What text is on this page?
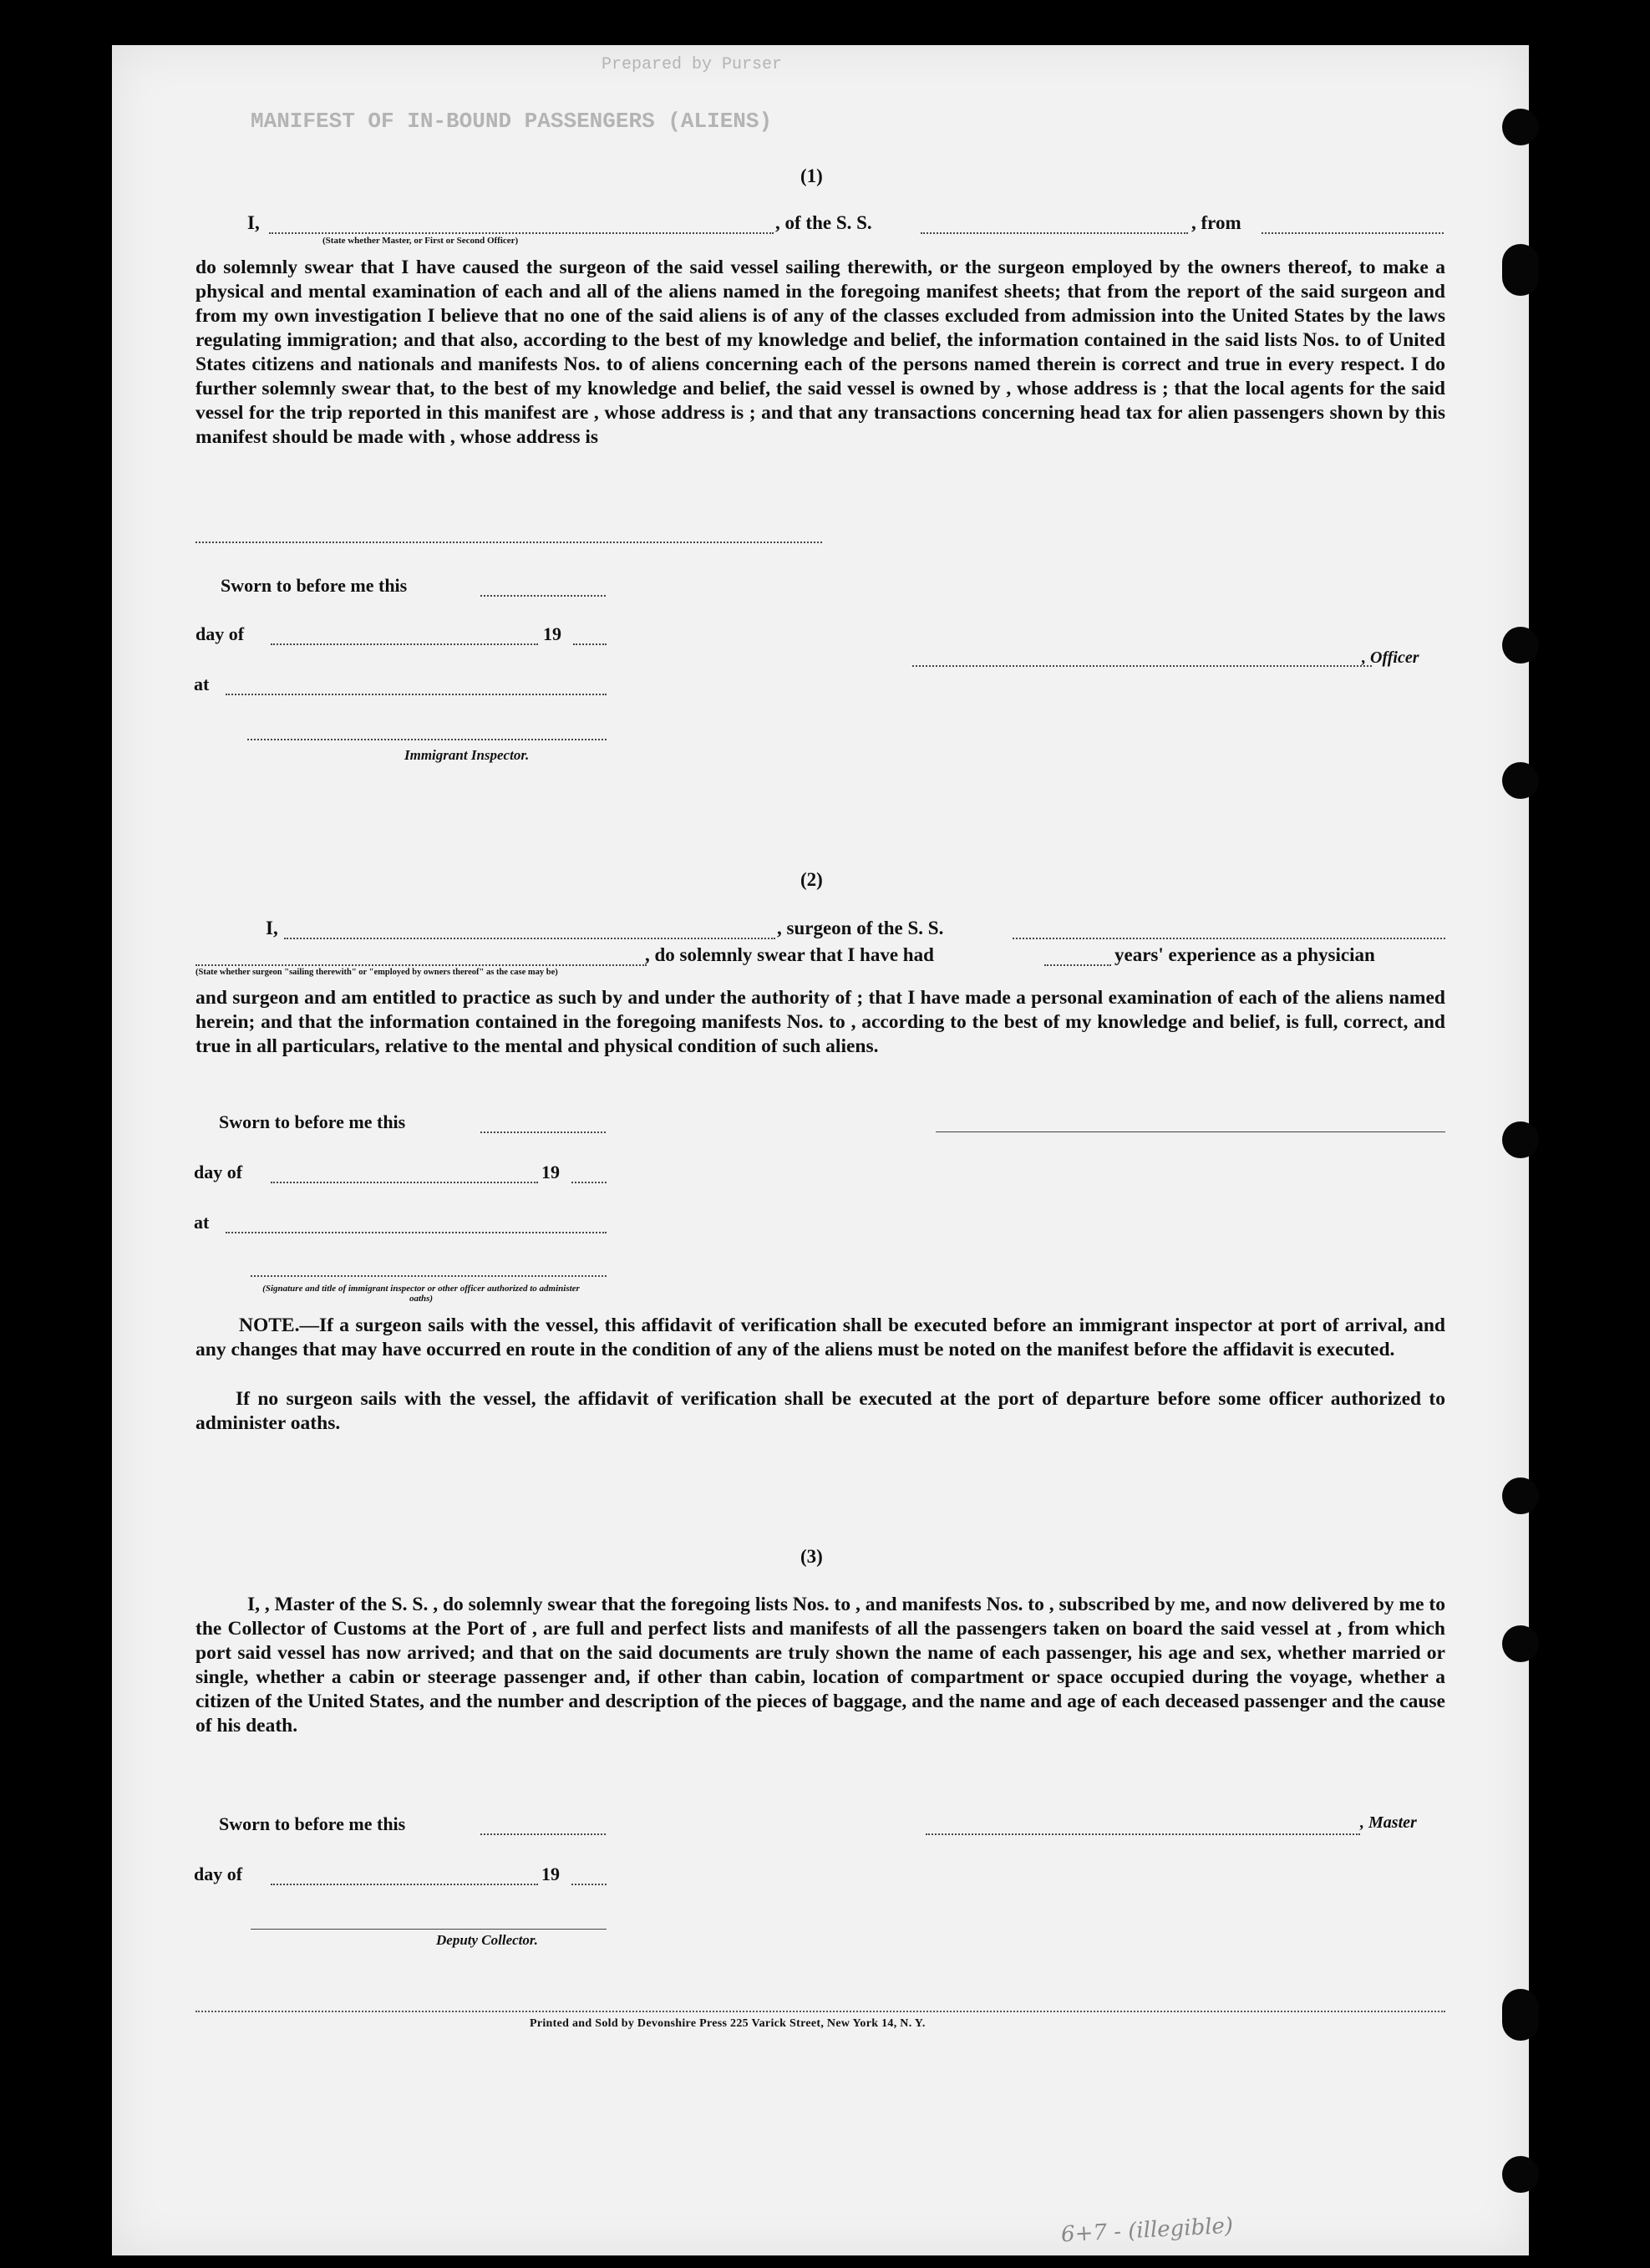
Prepared by Purser
MANIFEST OF IN-BOUND PASSENGERS (ALIENS)
(1)
I,	, of the S. S.	, from
(State whether Master, or First or Second Officer)
do solemnly swear that I have caused the surgeon of the said vessel sailing therewith, or the surgeon employed by the owners thereof, to make a physical and mental examination of each and all of the aliens named in the foregoing manifest sheets; that from the report of the said surgeon and from my own investigation I believe that no one of the said aliens is of any of the classes excluded from admission into the United States by the laws regulating immigration; and that also, according to the best of my knowledge and belief, the information contained in the said lists Nos. to of United States citizens and nationals and manifests Nos. to of aliens concerning each of the persons named therein is correct and true in every respect. I do further solemnly swear that, to the best of my knowledge and belief, the said vessel is owned by , whose address is ; that the local agents for the said vessel for the trip reported in this manifest are , whose address is ; and that any transactions concerning head tax for alien passengers shown by this manifest should be made with , whose address is
Sworn to before me this
day of	19
, Officer
at
Immigrant Inspector.
(2)
I,	, surgeon of the S. S.
, do solemnly swear that I have had	years' experience as a physician
(State whether surgeon "sailing therewith" or "employed by owners thereof" as the case may be)
and surgeon and am entitled to practice as such by and under the authority of ; that I have made a personal examination of each of the aliens named herein; and that the information contained in the foregoing manifests Nos. to , according to the best of my knowledge and belief, is full, correct, and true in all particulars, relative to the mental and physical condition of such aliens.
Sworn to before me this
day of	19
at
(Signature and title of immigrant inspector or other officer authorized to administer oaths)
NOTE.—If a surgeon sails with the vessel, this affidavit of verification shall be executed before an immigrant inspector at port of arrival, and any changes that may have occurred en route in the condition of any of the aliens must be noted on the manifest before the affidavit is executed.
If no surgeon sails with the vessel, the affidavit of verification shall be executed at the port of departure before some officer authorized to administer oaths.
(3)
I, , Master of the S. S. , do solemnly swear that the foregoing lists Nos. to , and manifests Nos. to , subscribed by me, and now delivered by me to the Collector of Customs at the Port of , are full and perfect lists and manifests of all the passengers taken on board the said vessel at , from which port said vessel has now arrived; and that on the said documents are truly shown the name of each passenger, his age and sex, whether married or single, whether a cabin or steerage passenger and, if other than cabin, location of compartment or space occupied during the voyage, whether a citizen of the United States, and the number and description of the pieces of baggage, and the name and age of each deceased passenger and the cause of his death.
Sworn to before me this	, Master
day of	19
Deputy Collector.
Printed and Sold by Devonshire Press 225 Varick Street, New York 14, N. Y.
6+7 - (illegible)
